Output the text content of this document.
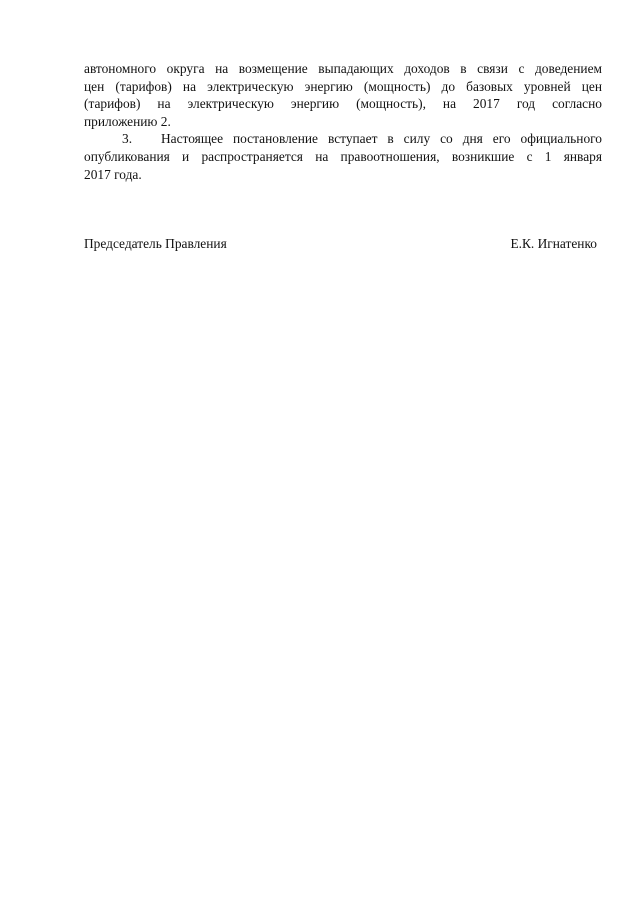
автономного округа на возмещение выпадающих доходов в связи с доведением
цен (тарифов) на электрическую энергию (мощность) до базовых уровней цен
(тарифов) на электрическую энергию (мощность), на 2017 год согласно
приложению 2.
3. Настоящее постановление вступает в силу со дня его официального
опубликования и распространяется на правоотношения, возникшие с 1 января
2017 года.
Председатель Правления	Е.К. Игнатенко
